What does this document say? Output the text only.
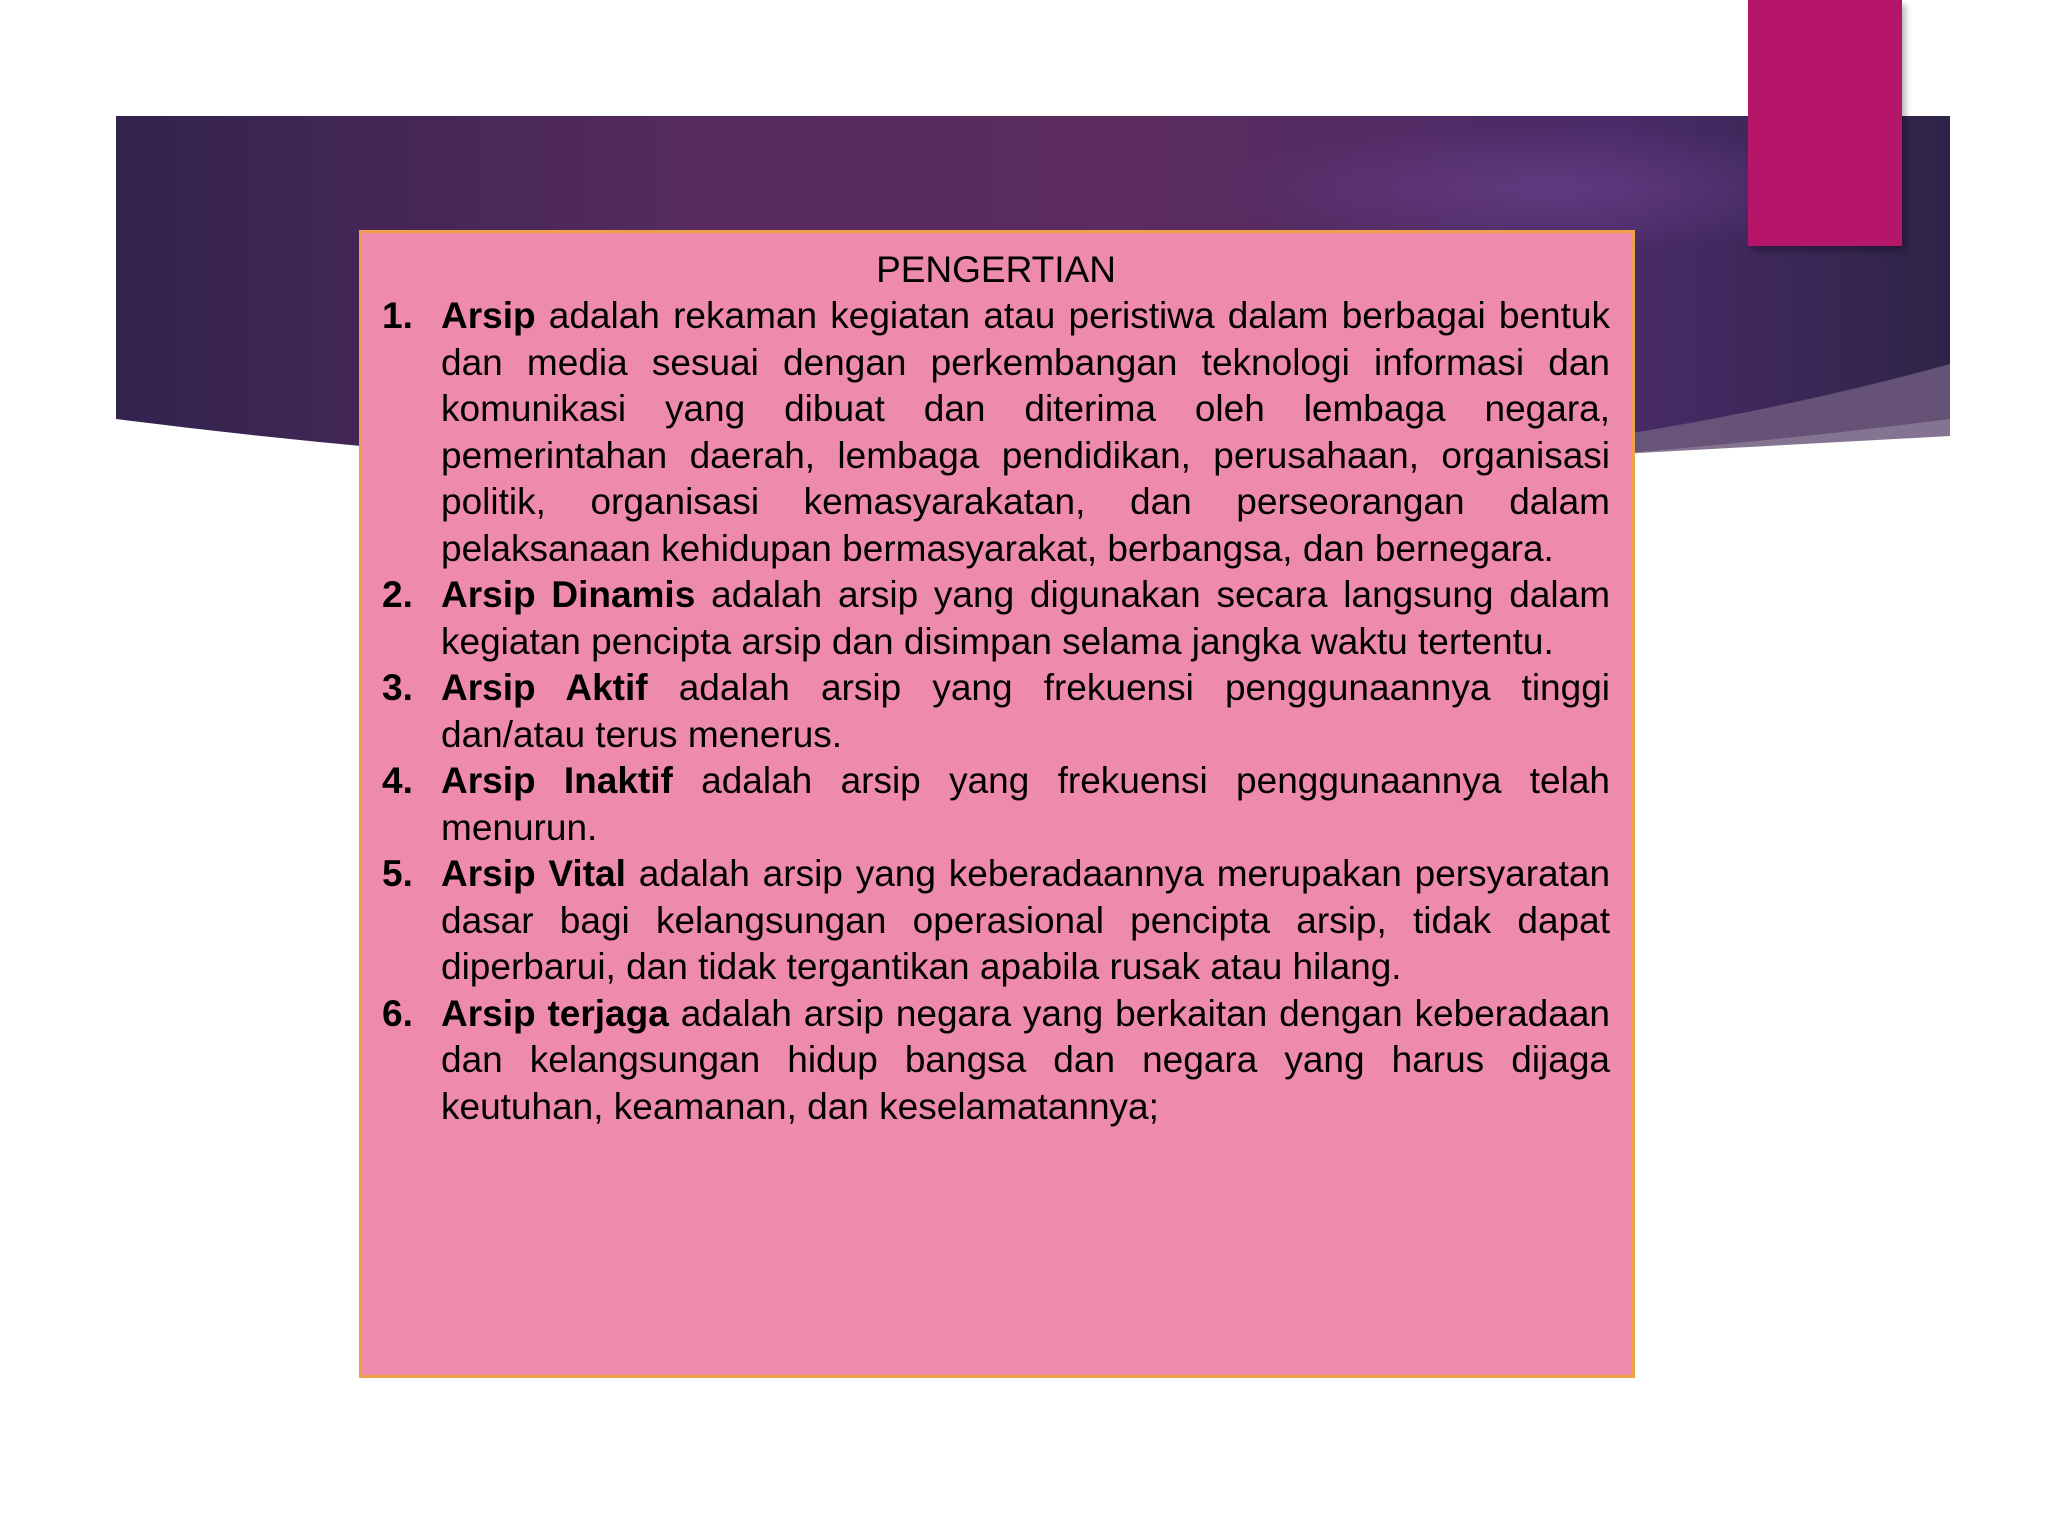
PENGERTIAN
1. Arsip adalah rekaman kegiatan atau peristiwa dalam berbagai bentuk dan media sesuai dengan perkembangan teknologi informasi dan komunikasi yang dibuat dan diterima oleh lembaga negara, pemerintahan daerah, lembaga pendidikan, perusahaan, organisasi politik, organisasi kemasyarakatan, dan perseorangan dalam pelaksanaan kehidupan bermasyarakat, berbangsa, dan bernegara.
2. Arsip Dinamis adalah arsip yang digunakan secara langsung dalam kegiatan pencipta arsip dan disimpan selama jangka waktu tertentu.
3. Arsip Aktif adalah arsip yang frekuensi penggunaannya tinggi dan/atau terus menerus.
4. Arsip Inaktif adalah arsip yang frekuensi penggunaannya telah menurun.
5. Arsip Vital adalah arsip yang keberadaannya merupakan persyaratan dasar bagi kelangsungan operasional pencipta arsip, tidak dapat diperbarui, dan tidak tergantikan apabila rusak atau hilang.
6. Arsip terjaga adalah arsip negara yang berkaitan dengan keberadaan dan kelangsungan hidup bangsa dan negara yang harus dijaga keutuhan, keamanan, dan keselamatannya;
